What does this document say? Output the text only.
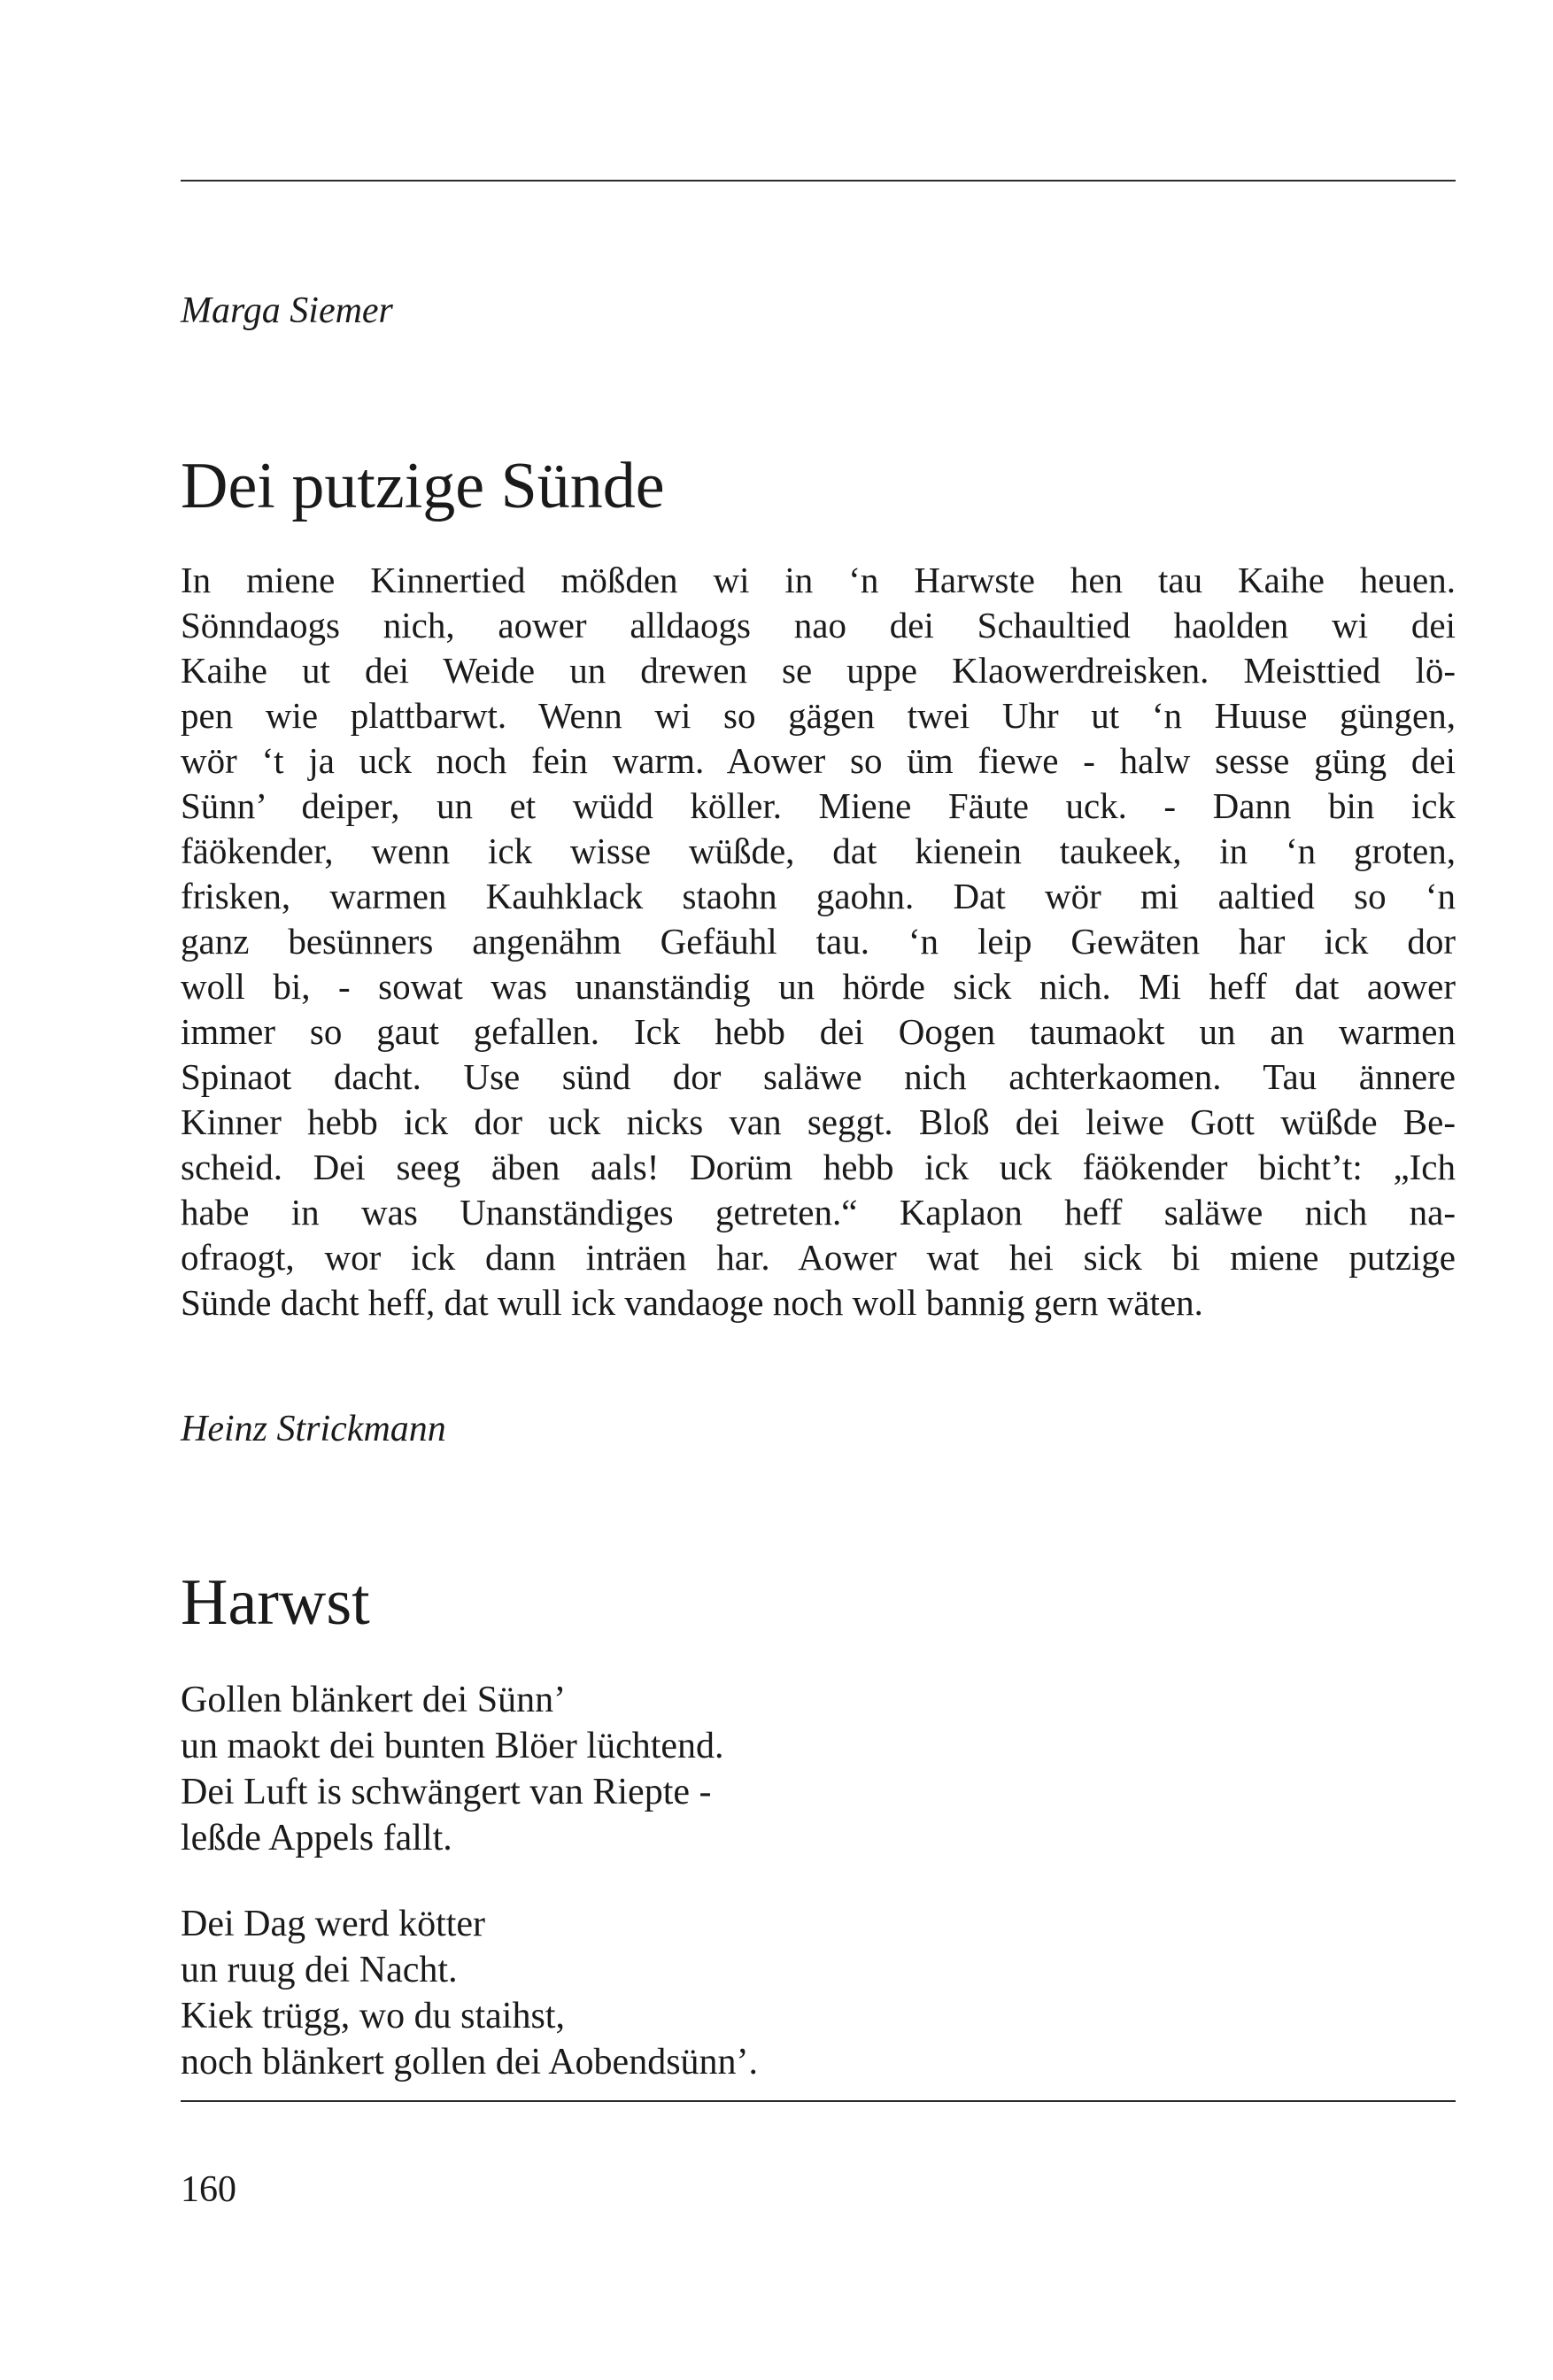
Marga Siemer
Dei putzige Sünde
In miene Kinnertied mößden wi in ‘n Harwste hen tau Kaihe heuen.
Sönndaogs nich, aower alldaogs nao dei Schaultied haolden wi dei
Kaihe ut dei Weide un drewen se uppe Klaowerdreisken. Meisttied lö-
pen wie plattbarwt. Wenn wi so gägen twei Uhr ut ‘n Huuse güngen,
wör ‘t ja uck noch fein warm. Aower so üm fiewe - halw sesse güng dei
Sünn’ deiper, un et wüdd köller. Miene Fäute uck. - Dann bin ick
fäökender, wenn ick wisse wüßde, dat kienein taukeek, in ‘n groten,
frisken, warmen Kauhklack staohn gaohn. Dat wör mi aaltied so ‘n
ganz besünners angenähm Gefäuhl tau. ‘n leip Gewäten har ick dor
woll bi, - sowat was unanständig un hörde sick nich. Mi heff dat aower
immer so gaut gefallen. Ick hebb dei Oogen taumaokt un an warmen
Spinaot dacht. Use sünd dor saläwe nich achterkaomen. Tau ännere
Kinner hebb ick dor uck nicks van seggt. Bloß dei leiwe Gott wüßde Be-
scheid. Dei seeg äben aals! Dorüm hebb ick uck fäökender bicht’t: „Ich
habe in was Unanständiges getreten.“ Kaplaon heff saläwe nich na-
ofraogt, wor ick dann inträen har. Aower wat hei sick bi miene putzige
Sünde dacht heff, dat wull ick vandaoge noch woll bannig gern wäten.
Heinz Strickmann
Harwst
Gollen blänkert dei Sünn’
un maokt dei bunten Blöer lüchtend.
Dei Luft is schwängert van Riepte -
leßde Appels fallt.
Dei Dag werd kötter
un ruug dei Nacht.
Kiek trügg, wo du staihst,
noch blänkert gollen dei Aobendsünn’.
160
